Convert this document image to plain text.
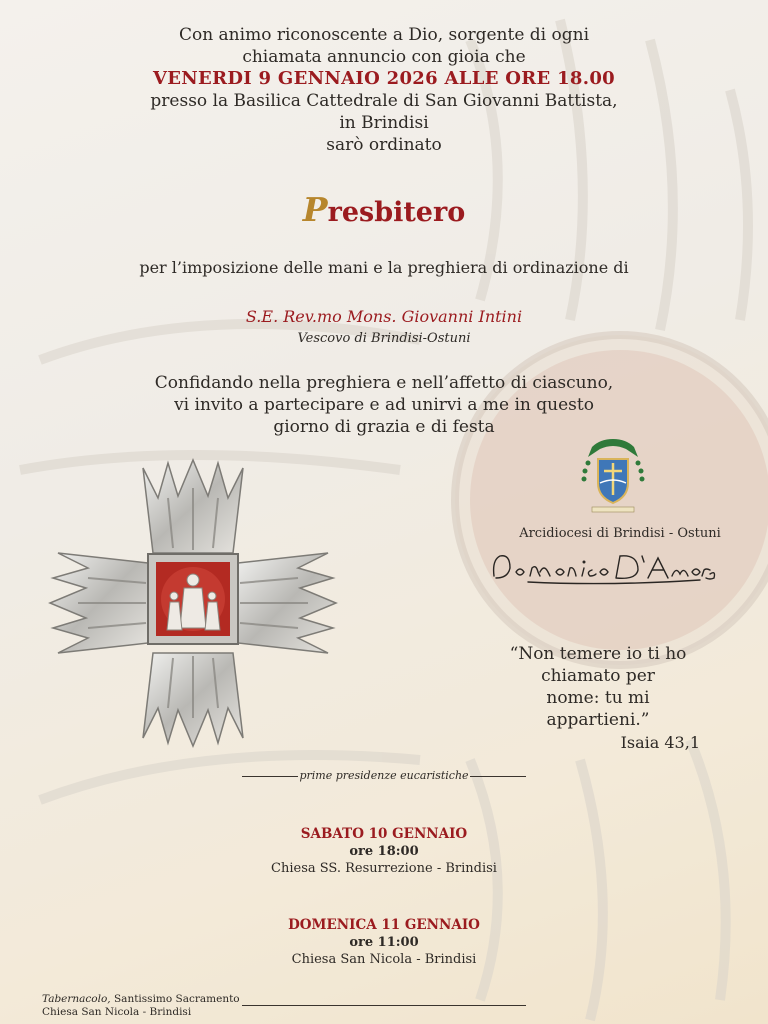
Con animo riconoscente a Dio, sorgente di ogni
chiamata annuncio con gioia che
VENERDI 9 GENNAIO 2026 ALLE ORE 18.00
presso la Basilica Cattedrale di San Giovanni Battista,
in Brindisi
sarò ordinato
Presbitero
per l’imposizione delle mani e la preghiera di ordinazione di
S.E. Rev.mo Mons. Giovanni Intini
Vescovo di Brindisi-Ostuni
Confidando nella preghiera e nell’affetto di ciascuno,
vi invito a partecipare e ad unirvi a me in questo
giorno di grazia e di festa
Arcidiocesi di Brindisi - Ostuni
“Non temere io ti ho
chiamato per
nome: tu mi appartieni.”
Isaia 43,1
prime presidenze eucaristiche
SABATO 10 GENNAIO
ore 18:00
Chiesa SS. Resurrezione - Brindisi
DOMENICA 11 GENNAIO
ore 11:00
Chiesa San Nicola - Brindisi
Tabernacolo, Santissimo Sacramento
Chiesa San Nicola - Brindisi
